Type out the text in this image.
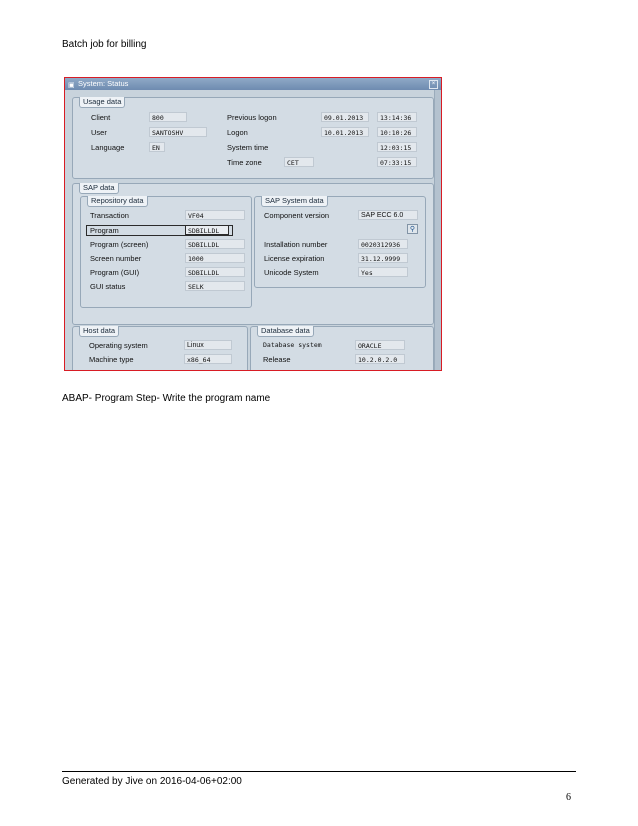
Batch job for billing
▣ System: Status	×
Usage data
Client	800
User	SANTOSHV
Language	EN
Previous logon	09.01.2013	13:14:36
Logon	10.01.2013	10:10:26
System time	12:03:15
Time zone	CET	07:33:15
SAP data
Repository data
Transaction	VF04
Program	SDBILLDL
Program (screen)	SDBILLDL
Screen number	1000
Program (GUI)	SDBILLDL
GUI status	SELK
SAP System data
Component version	SAP ECC 6.0
⚲
Installation number	0020312936
License expiration	31.12.9999
Unicode System	Yes
Host data
Operating system	Linux
Machine type	x86_64
Database data
Database system	ORACLE
Release	10.2.0.2.0
ABAP- Program Step- Write the program name
Generated by Jive on 2016-04-06+02:00
6
